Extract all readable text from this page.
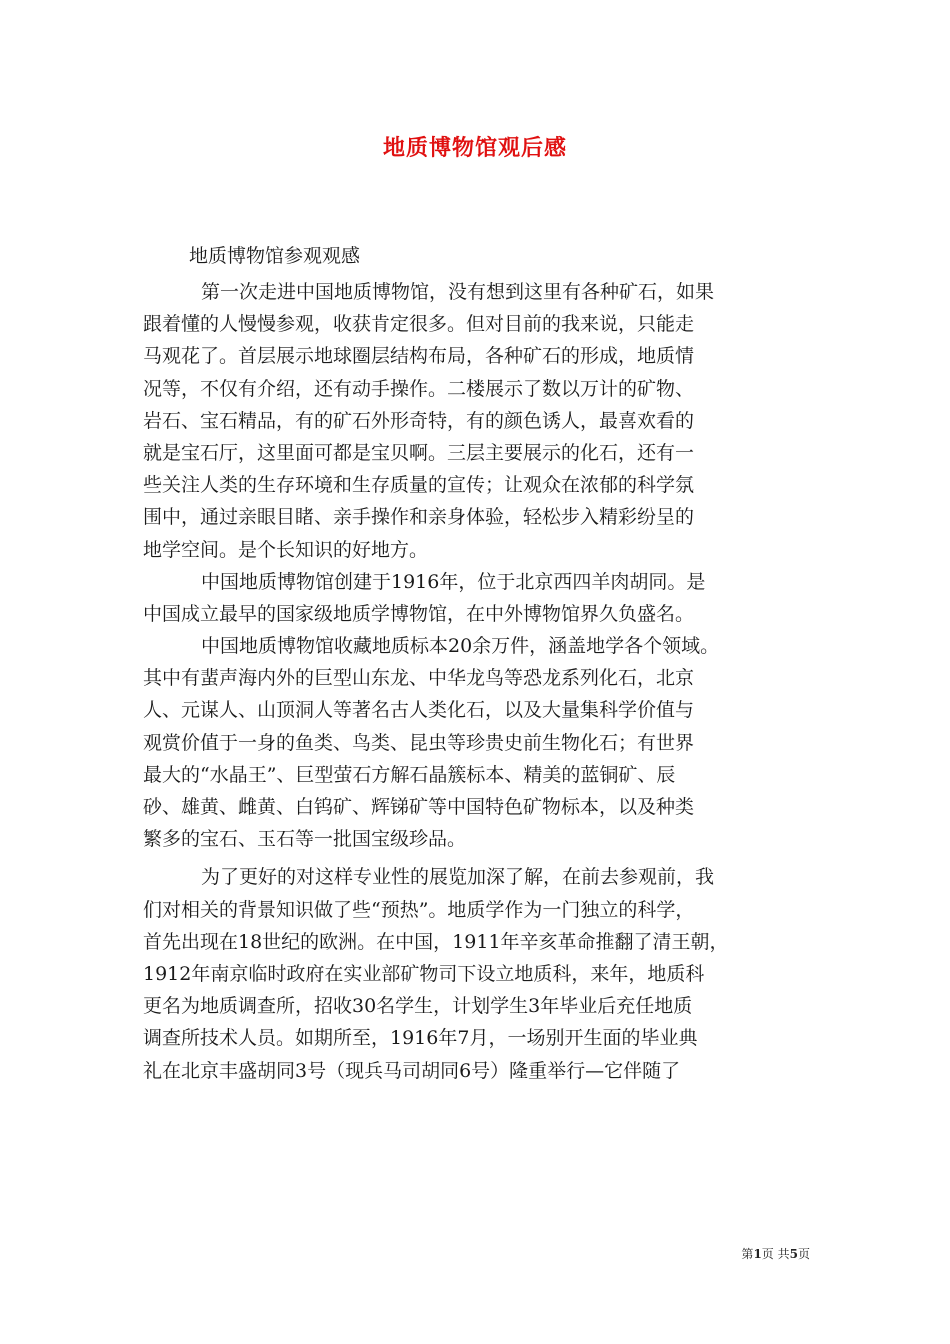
地质博物馆观后感

地质博物馆参观观感

第一次走进中国地质博物馆，没有想到这里有各种矿石，如果
跟着懂的人慢慢参观，收获肯定很多。但对目前的我来说，只能走
马观花了。首层展示地球圈层结构布局，各种矿石的形成，地质情
况等，不仅有介绍，还有动手操作。二楼展示了数以万计的矿物、
岩石、宝石精品，有的矿石外形奇特，有的颜色诱人，最喜欢看的
就是宝石厅，这里面可都是宝贝啊。三层主要展示的化石，还有一
些关注人类的生存环境和生存质量的宣传；让观众在浓郁的科学氛
围中，通过亲眼目睹、亲手操作和亲身体验，轻松步入精彩纷呈的
地学空间。是个长知识的好地方。

中国地质博物馆创建于1916年，位于北京西四羊肉胡同。是
中国成立最早的国家级地质学博物馆，在中外博物馆界久负盛名。

中国地质博物馆收藏地质标本20余万件，涵盖地学各个领域。
其中有蜚声海内外的巨型山东龙、中华龙鸟等恐龙系列化石，北京
人、元谋人、山顶洞人等著名古人类化石，以及大量集科学价值与
观赏价值于一身的鱼类、鸟类、昆虫等珍贵史前生物化石；有世界
最大的“水晶王”、巨型萤石方解石晶簇标本、精美的蓝铜矿、辰
砂、雄黄、雌黄、白钨矿、辉锑矿等中国特色矿物标本，以及种类
繁多的宝石、玉石等一批国宝级珍品。

为了更好的对这样专业性的展览加深了解，在前去参观前，我
们对相关的背景知识做了些“预热”。地质学作为一门独立的科学，
首先出现在18世纪的欧洲。在中国，1911年辛亥革命推翻了清王朝，
1912年南京临时政府在实业部矿物司下设立地质科，来年，地质科
更名为地质调查所，招收30名学生，计划学生3年毕业后充任地质
调查所技术人员。如期所至，1916年7月，一场别开生面的毕业典
礼在北京丰盛胡同3号（现兵马司胡同6号）隆重举行—它伴随了

第1页 共5页
